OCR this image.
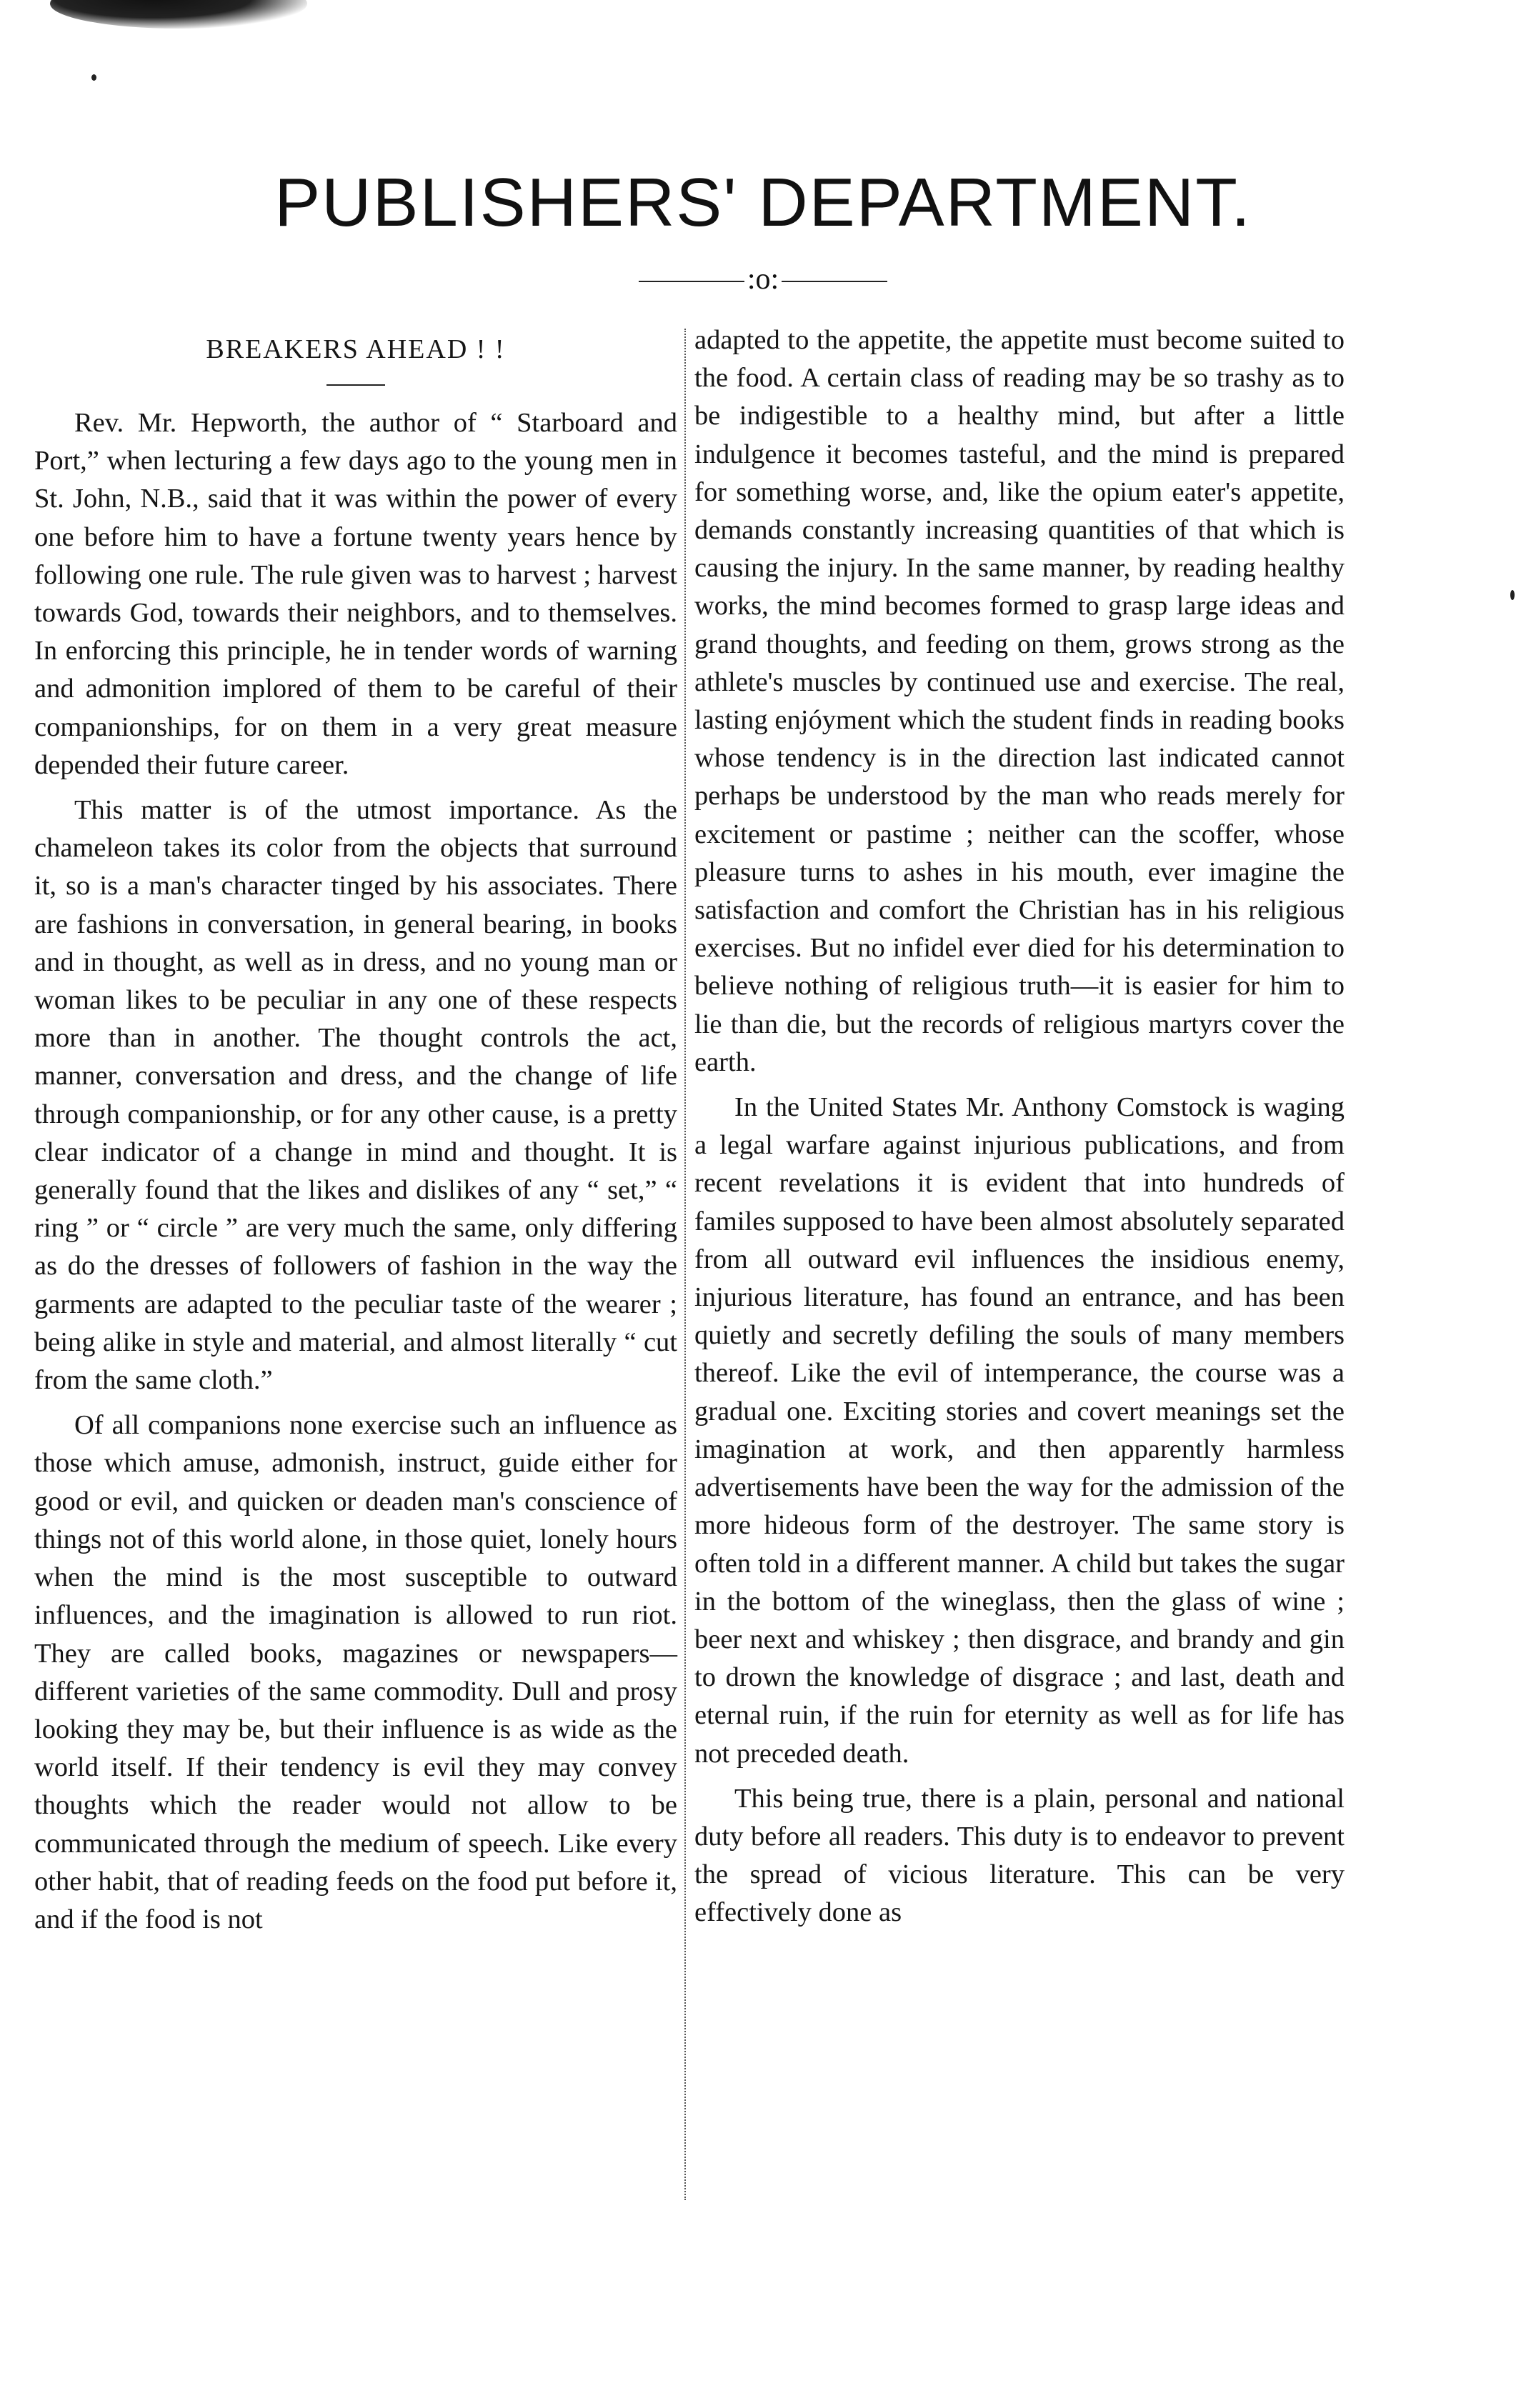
PUBLISHERS' DEPARTMENT.
:o:
BREAKERS AHEAD ! !

Rev. Mr. Hepworth, the author of “ Starboard and Port,” when lecturing a few days ago to the young men in St. John, N.B., said that it was within the power of every one before him to have a fortune twenty years hence by following one rule. The rule given was to harvest ; harvest towards God, towards their neighbors, and to themselves. In enforcing this principle, he in tender words of warning and admonition implored of them to be careful of their companionships, for on them in a very great measure depended their future career.

This matter is of the utmost importance. As the chameleon takes its color from the objects that surround it, so is a man's character tinged by his associates. There are fashions in conversation, in general bearing, in books and in thought, as well as in dress, and no young man or woman likes to be peculiar in any one of these respects more than in another. The thought controls the act, manner, conversation and dress, and the change of life through companionship, or for any other cause, is a pretty clear indicator of a change in mind and thought. It is generally found that the likes and dislikes of any “ set,” “ ring ” or “ circle ” are very much the same, only differing as do the dresses of followers of fashion in the way the garments are adapted to the peculiar taste of the wearer ; being alike in style and material, and almost literally “ cut from the same cloth.”

Of all companions none exercise such an influence as those which amuse, admonish, instruct, guide either for good or evil, and quicken or deaden man's conscience of things not of this world alone, in those quiet, lonely hours when the mind is the most susceptible to outward influences, and the imagination is allowed to run riot. They are called books, magazines or newspapers—different varieties of the same commodity. Dull and prosy looking they may be, but their influence is as wide as the world itself. If their tendency is evil they may convey thoughts which the reader would not allow to be communicated through the medium of speech. Like every other habit, that of reading feeds on the food put before it, and if the food is not

adapted to the appetite, the appetite must become suited to the food. A certain class of reading may be so trashy as to be indigestible to a healthy mind, but after a little indulgence it becomes tasteful, and the mind is prepared for something worse, and, like the opium eater's appetite, demands constantly increasing quantities of that which is causing the injury. In the same manner, by reading healthy works, the mind becomes formed to grasp large ideas and grand thoughts, and feeding on them, grows strong as the athlete's muscles by continued use and exercise. The real, lasting enjóyment which the student finds in reading books whose tendency is in the direction last indicated cannot perhaps be understood by the man who reads merely for excitement or pastime ; neither can the scoffer, whose pleasure turns to ashes in his mouth, ever imagine the satisfaction and comfort the Christian has in his religious exercises. But no infidel ever died for his determination to believe nothing of religious truth—it is easier for him to lie than die, but the records of religious martyrs cover the earth.

In the United States Mr. Anthony Comstock is waging a legal warfare against injurious publications, and from recent revelations it is evident that into hundreds of familes supposed to have been almost absolutely separated from all outward evil influences the insidious enemy, injurious literature, has found an entrance, and has been quietly and secretly defiling the souls of many members thereof. Like the evil of intemperance, the course was a gradual one. Exciting stories and covert meanings set the imagination at work, and then apparently harmless advertisements have been the way for the admission of the more hideous form of the destroyer. The same story is often told in a different manner. A child but takes the sugar in the bottom of the wineglass, then the glass of wine ; beer next and whiskey ; then disgrace, and brandy and gin to drown the knowledge of disgrace ; and last, death and eternal ruin, if the ruin for eternity as well as for life has not preceded death.

This being true, there is a plain, personal and national duty before all readers. This duty is to endeavor to prevent the spread of vicious literature. This can be very effectively done as
